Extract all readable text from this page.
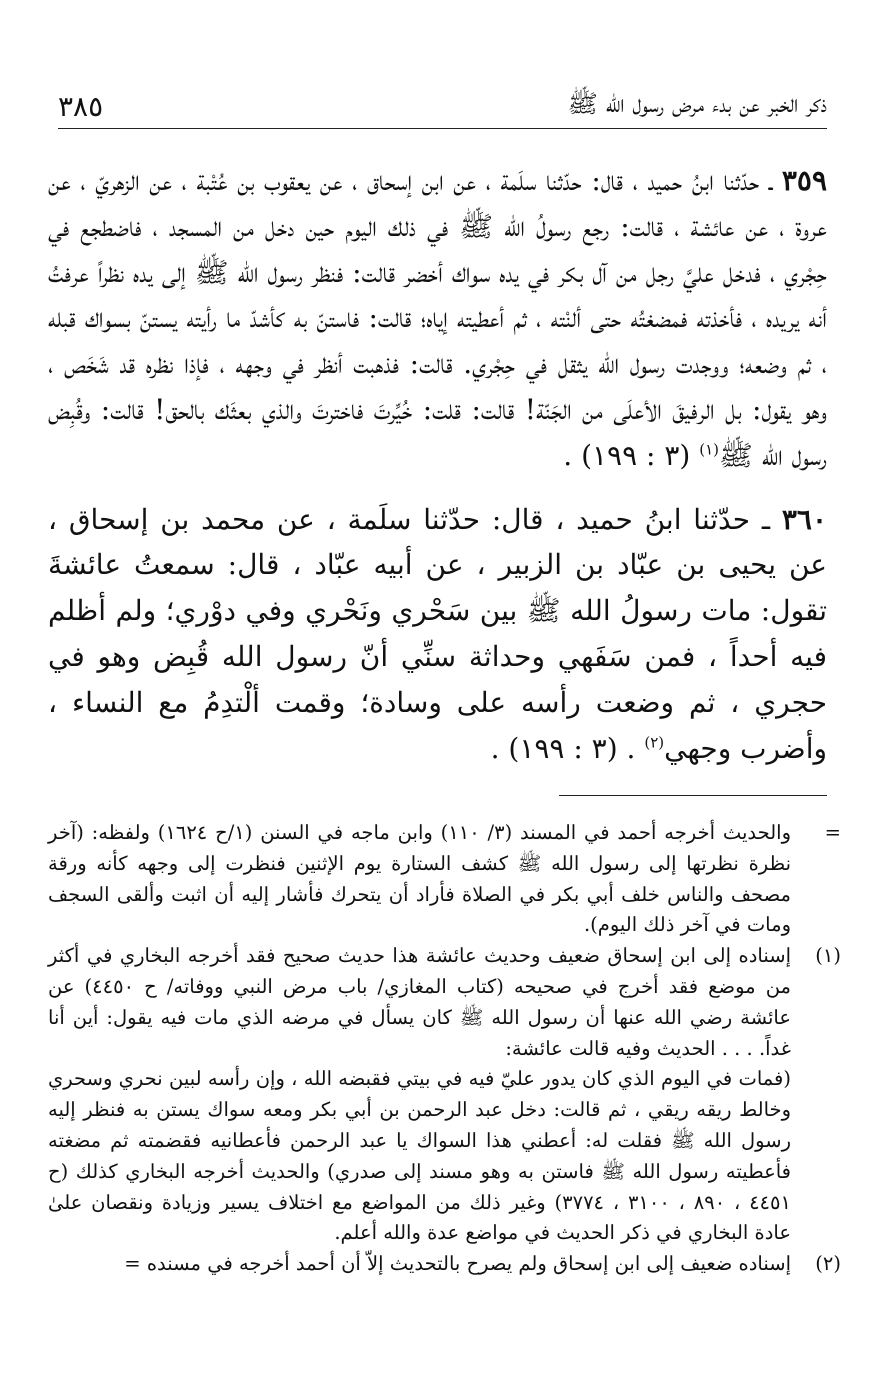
ذكر الخبر عن بدء مرض رسول الله ﷺ
٣٨٥

٣٥٩ ـ حدّثنا ابنُ حميد ، قال: حدّثنا سلَمة ، عن ابن إسحاق ، عن يعقوب بن عُتْبة ، عن الزهريّ ، عن عروة ، عن عائشة ، قالت: رجع رسولُ الله ﷺ في ذلك اليوم حين دخل من المسجد ، فاضطجع في حِجْري ، فدخل عليَّ رجل من آل بكر في يده سواك أخضر قالت: فنظر رسول الله ﷺ إلى يده نظراً عرفتُ أنه يريده ، فأخذته فمضغتُه حتى ألنْته ، ثم أعطيته إياه؛ قالت: فاستنّ به كأشدّ ما رأيته يستنّ بسواك قبله ، ثم وضعه؛ ووجدت رسول الله يثقل في حِجْري. قالت: فذهبت أنظر في وجهه ، فإذا نظره قد شَخَص ، وهو يقول: بل الرفيقَ الأعلَى من الجَنّة! قالت: قلت: خُيِّرتَ فاخترتَ والذي بعثَك بالحق! قالت: وقُبِض رسول الله ﷺ$^{(١)}$ (٣ : ١٩٩) .

٣٦٠ ـ حدّثنا ابنُ حميد ، قال: حدّثنا سلَمة ، عن محمد بن إسحاق ، عن يحيى بن عبّاد بن الزبير ، عن أبيه عبّاد ، قال: سمعتُ عائشةَ تقول: مات رسولُ الله ﷺ بين سَحْري ونَحْري وفي دوْري؛ ولم أظلم فيه أحداً ، فمن سَفَهي وحداثة سنِّي أنّ رسول الله قُبِض وهو في حجري ، ثم وضعت رأسه على وسادة؛ وقمت ألْتدِمُ مع النساء ، وأضرب وجهي$^{(٢)}$ . (٣ : ١٩٩) .

=

والحديث أخرجه أحمد في المسند (٣/ ١١٠) وابن ماجه في السنن (١/ح ١٦٢٤) ولفظه: (آخر نظرة نظرتها إلى رسول الله ﷺ كشف الستارة يوم الإثنين فنظرت إلى وجهه كأنه ورقة مصحف والناس خلف أبي بكر في الصلاة فأراد أن يتحرك فأشار إليه أن اثبت وألقى السجف ومات في آخر ذلك اليوم).

(١)

إسناده إلى ابن إسحاق ضعيف وحديث عائشة هذا حديث صحيح فقد أخرجه البخاري في أكثر من موضع فقد أخرج في صحيحه (كتاب المغازي/ باب مرض النبي ووفاته/ ح ٤٤٥٠) عن عائشة رضي الله عنها أن رسول الله ﷺ كان يسأل في مرضه الذي مات فيه يقول: أين أنا غداً. . . . الحديث وفيه قالت عائشة:

(فمات في اليوم الذي كان يدور عليّ فيه في بيتي فقبضه الله ، وإن رأسه لبين نحري وسحري وخالط ريقه ريقي ، ثم قالت: دخل عبد الرحمن بن أبي بكر ومعه سواك يستن به فنظر إليه رسول الله ﷺ فقلت له: أعطني هذا السواك يا عبد الرحمن فأعطانيه فقضمته ثم مضغته فأعطيته رسول الله ﷺ فاستن به وهو مسند إلى صدري) والحديث أخرجه البخاري كذلك (ح ٤٤٥١ ، ٨٩٠ ، ٣١٠٠ ، ٣٧٧٤) وغير ذلك من المواضع مع اختلاف يسير وزيادة ونقصان علىٰ عادة البخاري في ذكر الحديث في مواضع عدة والله أعلم.

(٢)

إسناده ضعيف إلى ابن إسحاق ولم يصرح بالتحديث إلاّ أن أحمد أخرجه في مسنده =
